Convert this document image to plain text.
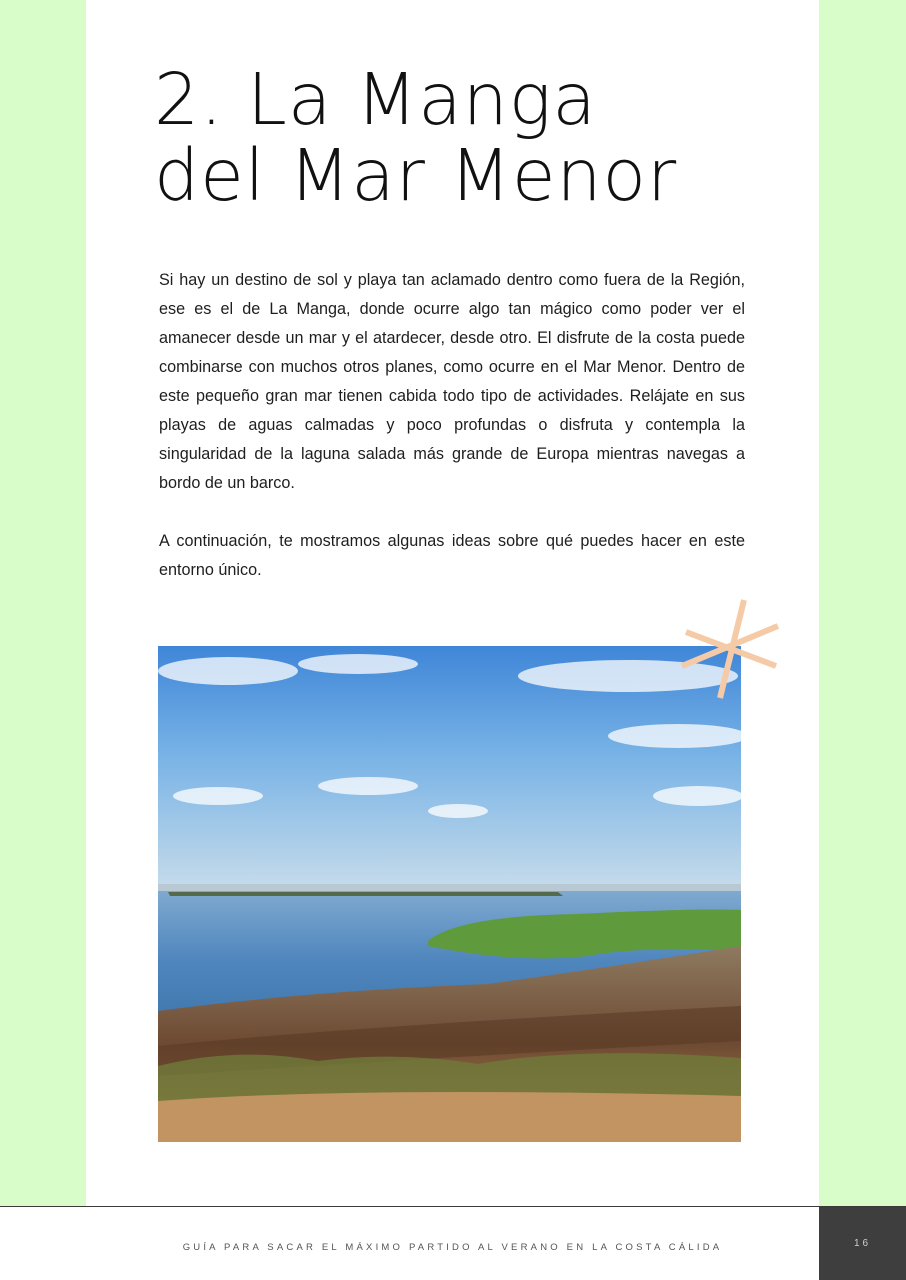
2. La Manga
del Mar Menor

Si hay un destino de sol y playa tan aclamado dentro como fuera de la Región, ese es el de La Manga, donde ocurre algo tan mágico como poder ver el amanecer desde un mar y el atardecer, desde otro. El disfrute de la costa puede combinarse con muchos otros planes, como ocurre en el Mar Menor. Dentro de este pequeño gran mar tienen cabida todo tipo de actividades. Relájate en sus playas de aguas calmadas y poco profundas o disfruta y contempla la singularidad de la laguna salada más grande de Europa mientras navegas a bordo de un barco.

A continuación, te mostramos algunas ideas sobre qué puedes hacer en este entorno único.

GUÍA PARA SACAR EL MÁXIMO PARTIDO AL VERANO EN LA COSTA CÁLIDA	16
